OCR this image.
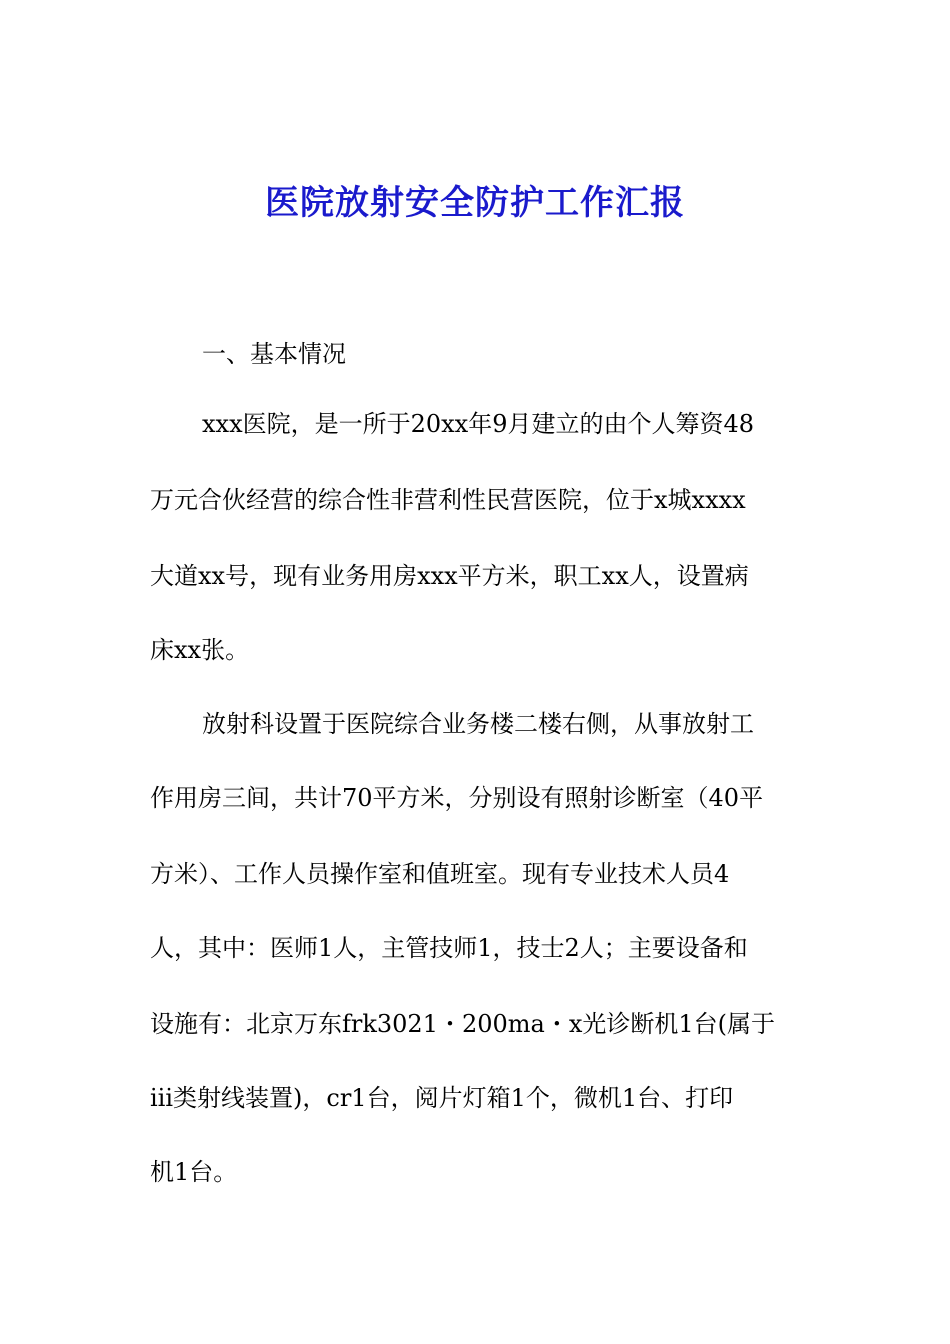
医院放射安全防护工作汇报

一、基本情况

xxx医院，是一所于20xx年9月建立的由个人筹资48

万元合伙经营的综合性非营利性民营医院，位于x城xxxx

大道xx号，现有业务用房xxx平方米，职工xx人，设置病

床xx张。

放射科设置于医院综合业务楼二楼右侧，从事放射工

作用房三间，共计70平方米，分别设有照射诊断室（40平

方米）、工作人员操作室和值班室。现有专业技术人员4

人，其中：医师1人，主管技师1，技士2人；主要设备和

设施有：北京万东frk3021・200ma・x光诊断机1台(属于

ⅲ类射线装置)，cr1台，阅片灯箱1个，微机1台、打印

机1台。
